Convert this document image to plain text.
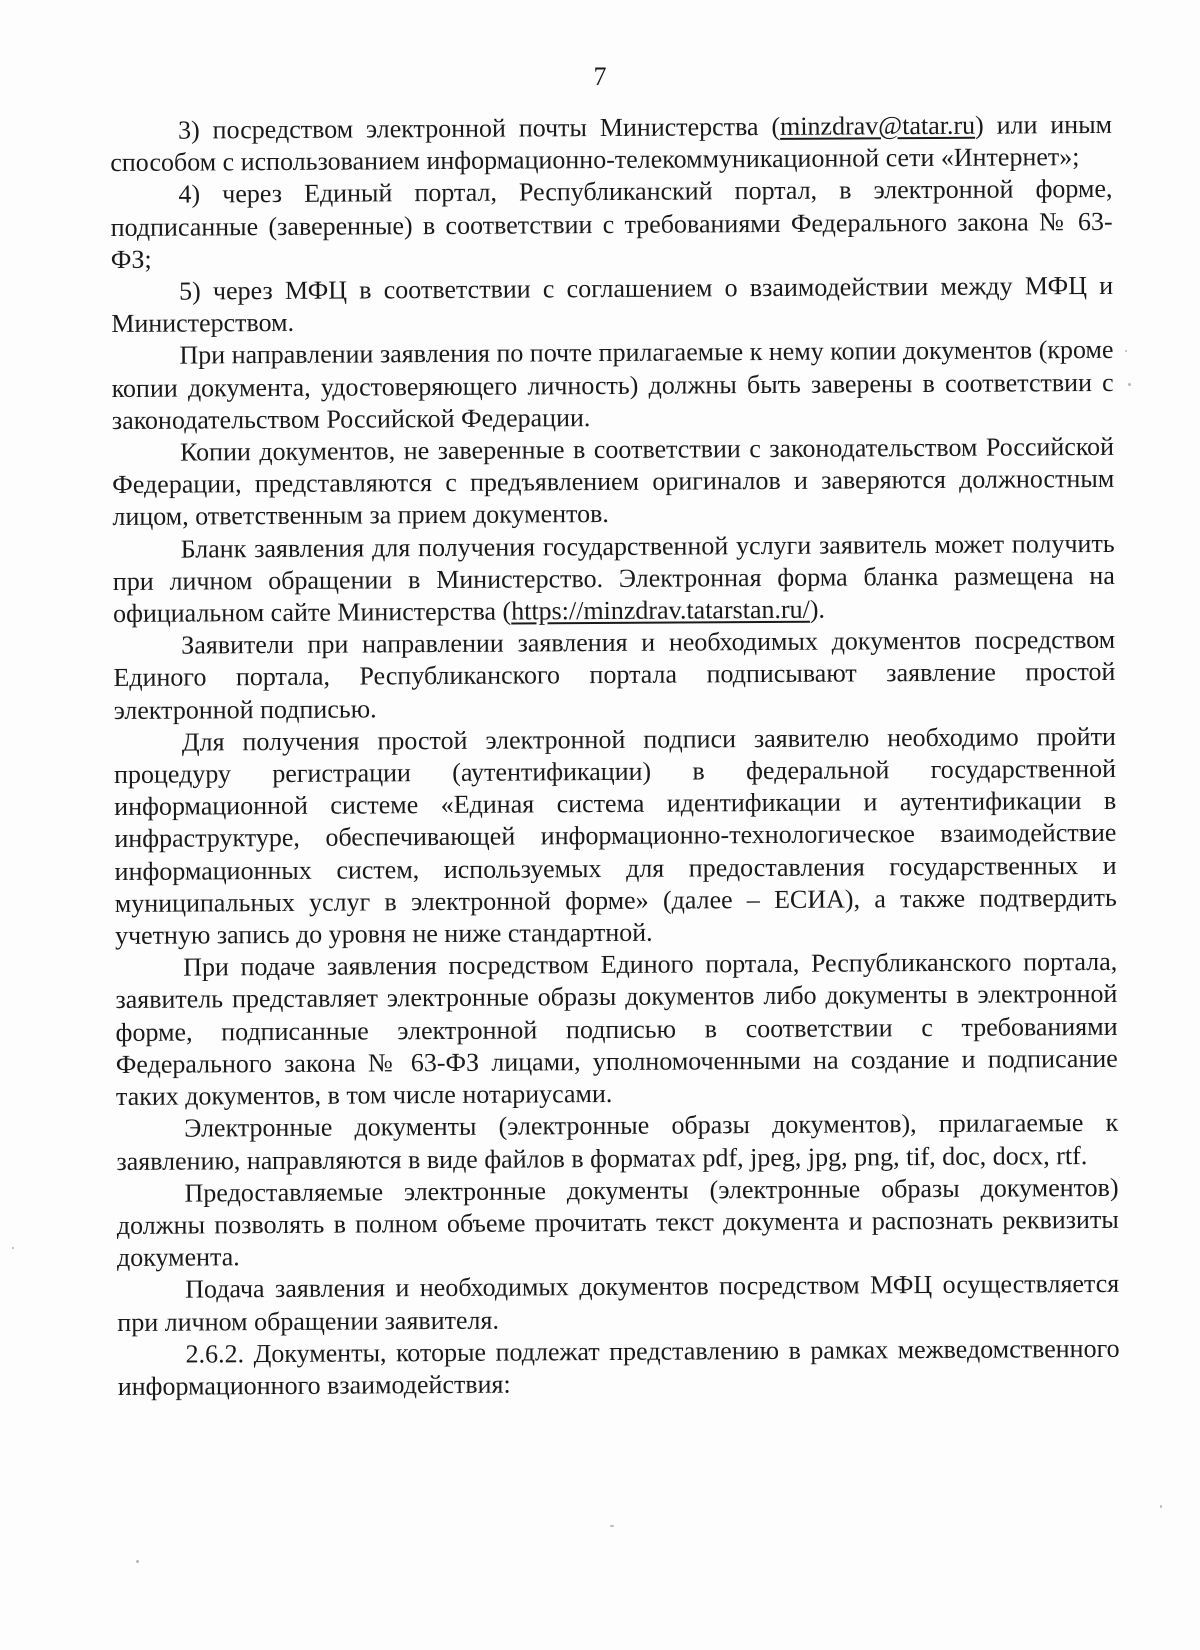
7

3) посредством электронной почты Министерства (minzdrav@tatar.ru) или иным способом с использованием информационно-телекоммуникационной сети «Интернет»;

4) через Единый портал, Республиканский портал, в электронной форме, подписанные (заверенные) в соответствии с требованиями Федерального закона № 63-ФЗ;

5) через МФЦ в соответствии с соглашением о взаимодействии между МФЦ и Министерством.

При направлении заявления по почте прилагаемые к нему копии документов (кроме копии документа, удостоверяющего личность) должны быть заверены в соответствии с законодательством Российской Федерации.

Копии документов, не заверенные в соответствии с законодательством Российской Федерации, представляются с предъявлением оригиналов и заверяются должностным лицом, ответственным за прием документов.

Бланк заявления для получения государственной услуги заявитель может получить при личном обращении в Министерство. Электронная форма бланка размещена на официальном сайте Министерства (https://minzdrav.tatarstan.ru/).

Заявители при направлении заявления и необходимых документов посредством Единого портала, Республиканского портала подписывают заявление простой электронной подписью.

Для получения простой электронной подписи заявителю необходимо пройти процедуру регистрации (аутентификации) в федеральной государственной информационной системе «Единая система идентификации и аутентификации в инфраструктуре, обеспечивающей информационно-технологическое взаимодействие информационных систем, используемых для предоставления государственных и муниципальных услуг в электронной форме» (далее – ЕСИА), а также подтвердить учетную запись до уровня не ниже стандартной.

При подаче заявления посредством Единого портала, Республиканского портала, заявитель представляет электронные образы документов либо документы в электронной форме, подписанные электронной подписью в соответствии с требованиями Федерального закона № 63-ФЗ лицами, уполномоченными на создание и подписание таких документов, в том числе нотариусами.

Электронные документы (электронные образы документов), прилагаемые к заявлению, направляются в виде файлов в форматах pdf, jpeg, jpg, png, tif, doc, docx, rtf.

Предоставляемые электронные документы (электронные образы документов) должны позволять в полном объеме прочитать текст документа и распознать реквизиты документа.

Подача заявления и необходимых документов посредством МФЦ осуществляется при личном обращении заявителя.

2.6.2. Документы, которые подлежат представлению в рамках межведомственного информационного взаимодействия:
